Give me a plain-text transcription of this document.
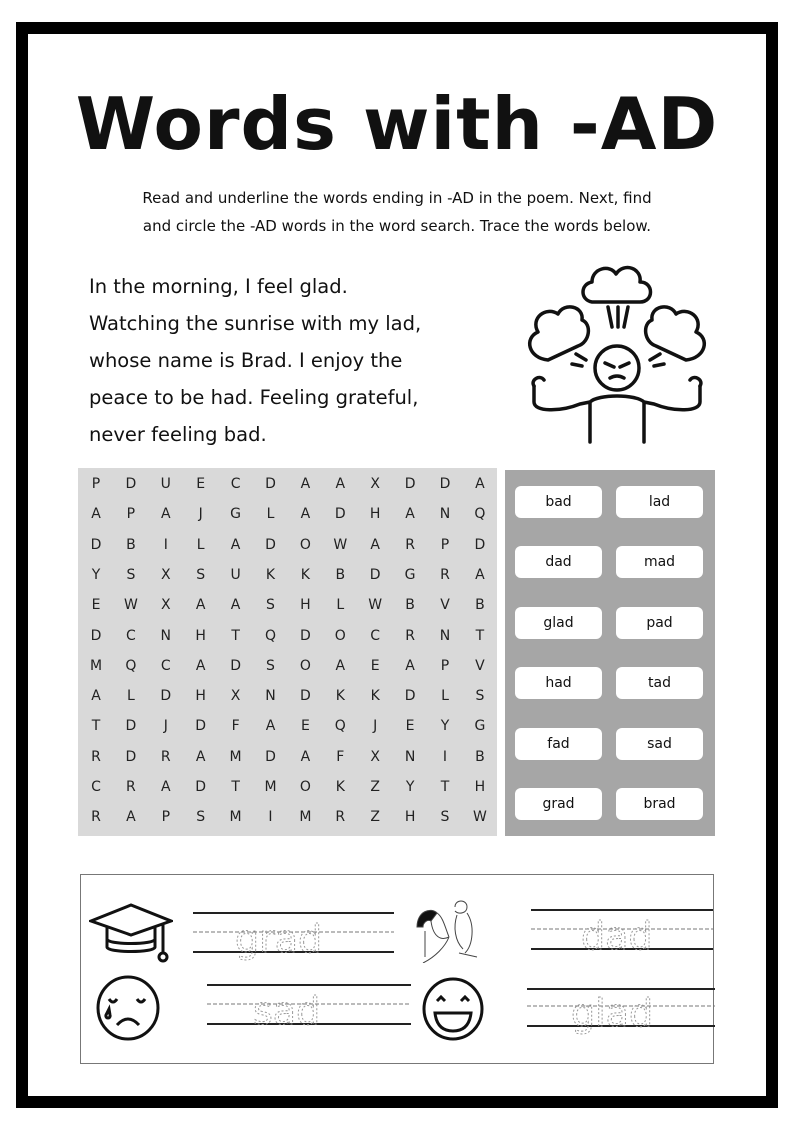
Words with -AD
Read and underline the words ending in -AD in the poem. Next, find
and circle the -AD words in the word search. Trace the words below.
In the morning, I feel glad.
Watching the sunrise with my lad,
whose name is Brad. I enjoy the
peace to be had. Feeling grateful,
never feeling bad.
P	D	U	E	C	D	A	A	X	D	D	A
A	P	A	J	G	L	A	D	H	A	N	Q
D	B	I	L	A	D	O	W	A	R	P	D
Y	S	X	S	U	K	K	B	D	G	R	A
E	W	X	A	A	S	H	L	W	B	V	B
D	C	N	H	T	Q	D	O	C	R	N	T
M	Q	C	A	D	S	O	A	E	A	P	V
A	L	D	H	X	N	D	K	K	D	L	S
T	D	J	D	F	A	E	Q	J	E	Y	G
R	D	R	A	M	D	A	F	X	N	I	B
C	R	A	D	T	M	O	K	Z	Y	T	H
R	A	P	S	M	I	M	R	Z	H	S	W
bad	lad
dad	mad
glad	pad
had	tad
fad	sad
grad	brad
grad	dad
sad	glad
